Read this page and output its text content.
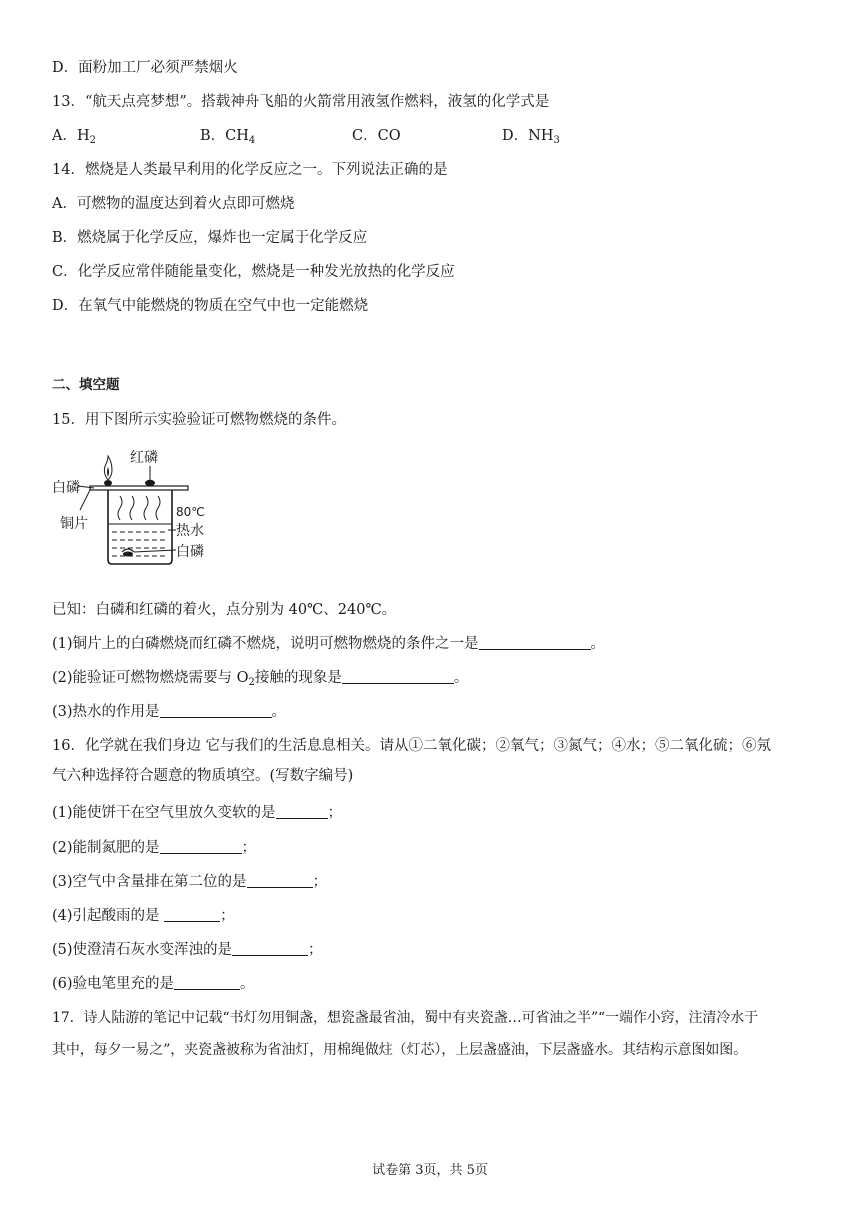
D．面粉加工厂必须严禁烟火
13．“航天点亮梦想”。搭载神舟飞船的火箭常用液氢作燃料，液氢的化学式是
A．$H_2$	B．$CH_4$	C．CO	D．$NH_3$
14．燃烧是人类最早利用的化学反应之一。下列说法正确的是
A．可燃物的温度达到着火点即可燃烧
B．燃烧属于化学反应，爆炸也一定属于化学反应
C．化学反应常伴随能量变化，燃烧是一种发光放热的化学反应
D．在氧气中能燃烧的物质在空气中也一定能燃烧
二、填空题
15．用下图所示实验验证可燃物燃烧的条件。
红磷
白磷
铜片
80℃
热水
白磷
已知：白磷和红磷的着火，点分别为 40℃、240℃。
(1)铜片上的白磷燃烧而红磷不燃烧，说明可燃物燃烧的条件之一是	。
(2)能验证可燃物燃烧需要与 $O_2$接触的现象是	。
(3)热水的作用是	。
16．化学就在我们身边 它与我们的生活息息相关。请从①二氧化碳；②氧气；③氮气；④水；⑤二氧化硫；⑥氖
气六种选择符合题意的物质填空。(写数字编号)
(1)能使饼干在空气里放久变软的是	；
(2)能制氮肥的是	；
(3)空气中含量排在第二位的是	；
(4)引起酸雨的是	；
(5)使澄清石灰水变浑浊的是	；
(6)验电笔里充的是	。
17．诗人陆游的笔记中记载“书灯勿用铜盏，想瓷盏最省油，蜀中有夹瓷盏…可省油之半”“一端作小窍，注清冷水于
其中，每夕一易之”，夹瓷盏被称为省油灯，用棉绳做炷（灯芯），上层盏盛油，下层盏盛水。其结构示意图如图。
试卷第 3页，共 5页
